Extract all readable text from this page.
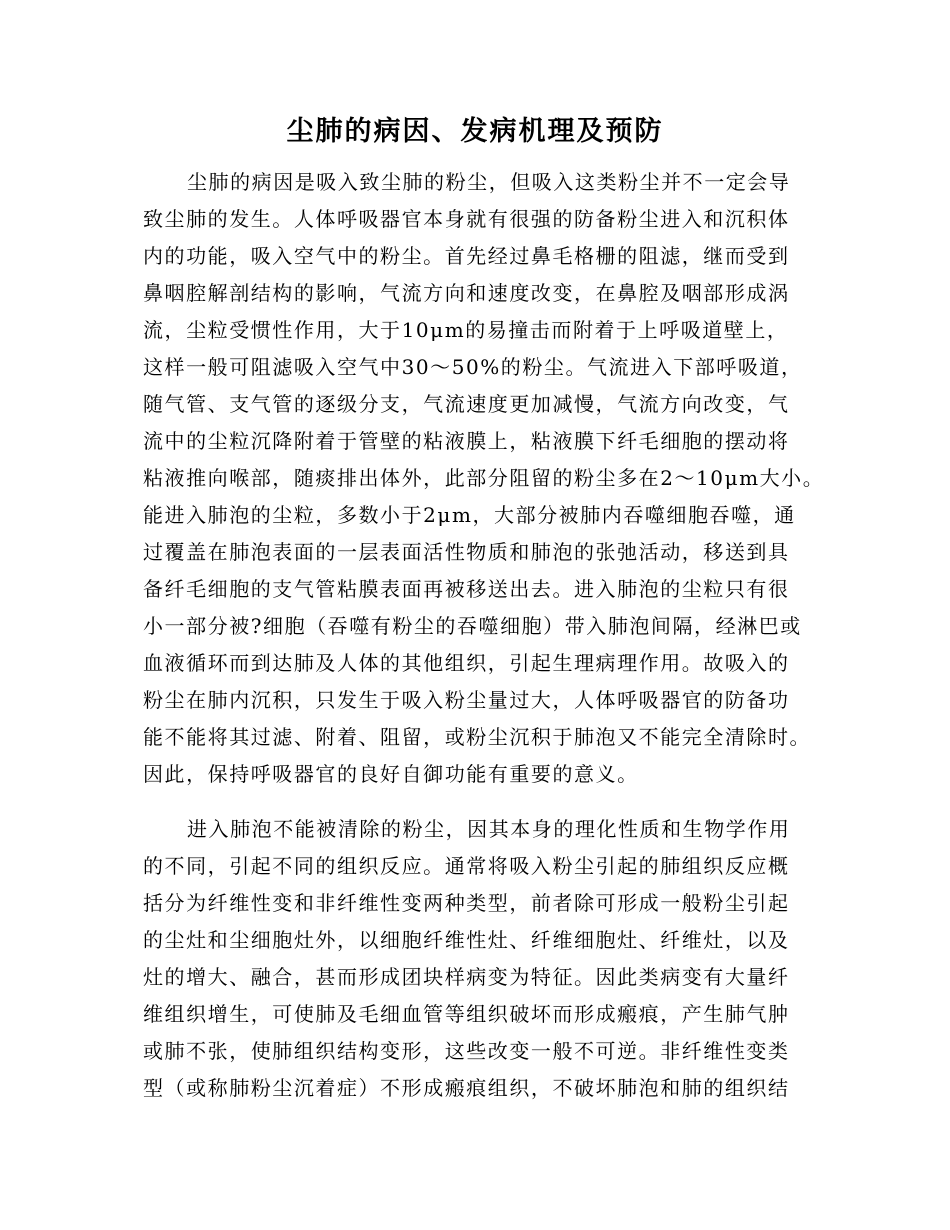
尘肺的病因、发病机理及预防
尘肺的病因是吸入致尘肺的粉尘，但吸入这类粉尘并不一定会导
致尘肺的发生。人体呼吸器官本身就有很强的防备粉尘进入和沉积体
内的功能，吸入空气中的粉尘。首先经过鼻毛格栅的阻滤，继而受到
鼻咽腔解剖结构的影响，气流方向和速度改变，在鼻腔及咽部形成涡
流，尘粒受惯性作用，大于10μm的易撞击而附着于上呼吸道壁上，
这样一般可阻滤吸入空气中30～50%的粉尘。气流进入下部呼吸道，
随气管、支气管的逐级分支，气流速度更加减慢，气流方向改变，气
流中的尘粒沉降附着于管壁的粘液膜上，粘液膜下纤毛细胞的摆动将
粘液推向喉部，随痰排出体外，此部分阻留的粉尘多在2～10μm大小。
能进入肺泡的尘粒，多数小于2μm，大部分被肺内吞噬细胞吞噬，通
过覆盖在肺泡表面的一层表面活性物质和肺泡的张弛活动，移送到具
备纤毛细胞的支气管粘膜表面再被移送出去。进入肺泡的尘粒只有很
小一部分被?细胞（吞噬有粉尘的吞噬细胞）带入肺泡间隔，经淋巴或
血液循环而到达肺及人体的其他组织，引起生理病理作用。故吸入的
粉尘在肺内沉积，只发生于吸入粉尘量过大，人体呼吸器官的防备功
能不能将其过滤、附着、阻留，或粉尘沉积于肺泡又不能完全清除时。
因此，保持呼吸器官的良好自御功能有重要的意义。
进入肺泡不能被清除的粉尘，因其本身的理化性质和生物学作用
的不同，引起不同的组织反应。通常将吸入粉尘引起的肺组织反应概
括分为纤维性变和非纤维性变两种类型，前者除可形成一般粉尘引起
的尘灶和尘细胞灶外，以细胞纤维性灶、纤维细胞灶、纤维灶，以及
灶的增大、融合，甚而形成团块样病变为特征。因此类病变有大量纤
维组织增生，可使肺及毛细血管等组织破坏而形成瘢痕，产生肺气肿
或肺不张，使肺组织结构变形，这些改变一般不可逆。非纤维性变类
型（或称肺粉尘沉着症）不形成瘢痕组织，不破坏肺泡和肺的组织结
